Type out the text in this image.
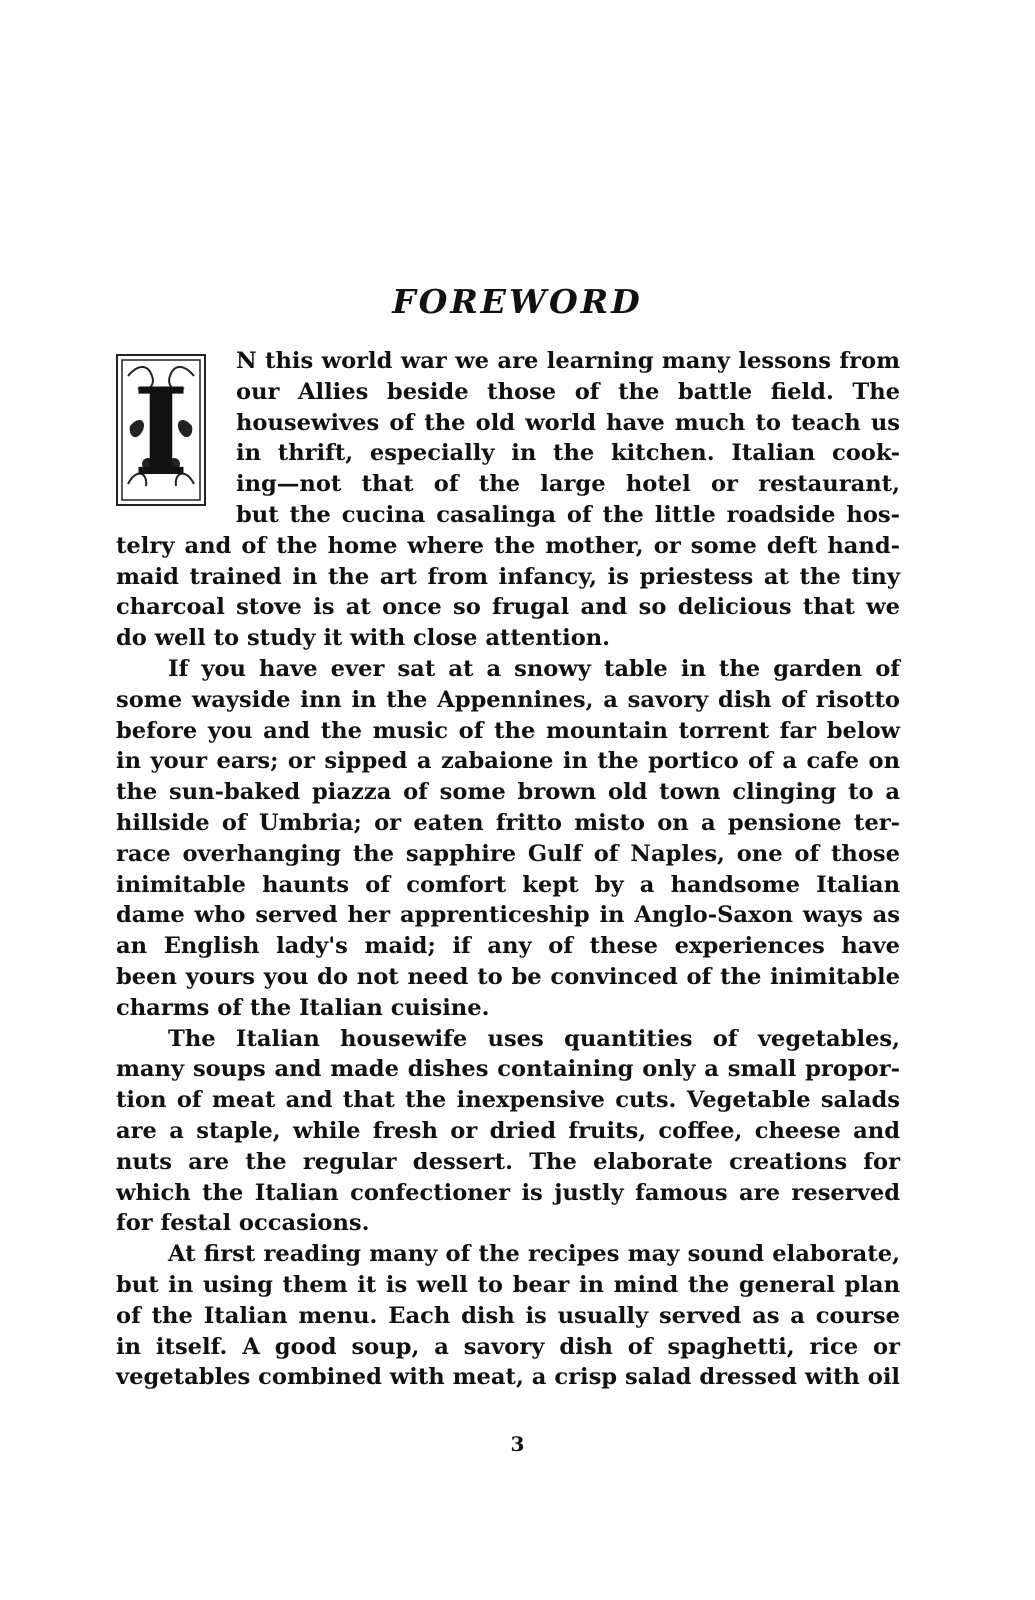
FOREWORD
I
N this world war we are learning many lessons from
our Allies beside those of the battle field. The
housewives of the old world have much to teach us
in thrift, especially in the kitchen. Italian cook-
ing—not that of the large hotel or restaurant,
but the cucina casalinga of the little roadside hos-
telry and of the home where the mother, or some deft hand-
maid trained in the art from infancy, is priestess at the tiny
charcoal stove is at once so frugal and so delicious that we
do well to study it with close attention.
If you have ever sat at a snowy table in the garden of
some wayside inn in the Appennines, a savory dish of risotto
before you and the music of the mountain torrent far below
in your ears; or sipped a zabaione in the portico of a cafe on
the sun-baked piazza of some brown old town clinging to a
hillside of Umbria; or eaten fritto misto on a pensione ter-
race overhanging the sapphire Gulf of Naples, one of those
inimitable haunts of comfort kept by a handsome Italian
dame who served her apprenticeship in Anglo-Saxon ways as
an English lady's maid; if any of these experiences have
been yours you do not need to be convinced of the inimitable
charms of the Italian cuisine.
The Italian housewife uses quantities of vegetables,
many soups and made dishes containing only a small propor-
tion of meat and that the inexpensive cuts. Vegetable salads
are a staple, while fresh or dried fruits, coffee, cheese and
nuts are the regular dessert. The elaborate creations for
which the Italian confectioner is justly famous are reserved
for festal occasions.
At first reading many of the recipes may sound elaborate,
but in using them it is well to bear in mind the general plan
of the Italian menu. Each dish is usually served as a course
in itself. A good soup, a savory dish of spaghetti, rice or
vegetables combined with meat, a crisp salad dressed with oil
3
